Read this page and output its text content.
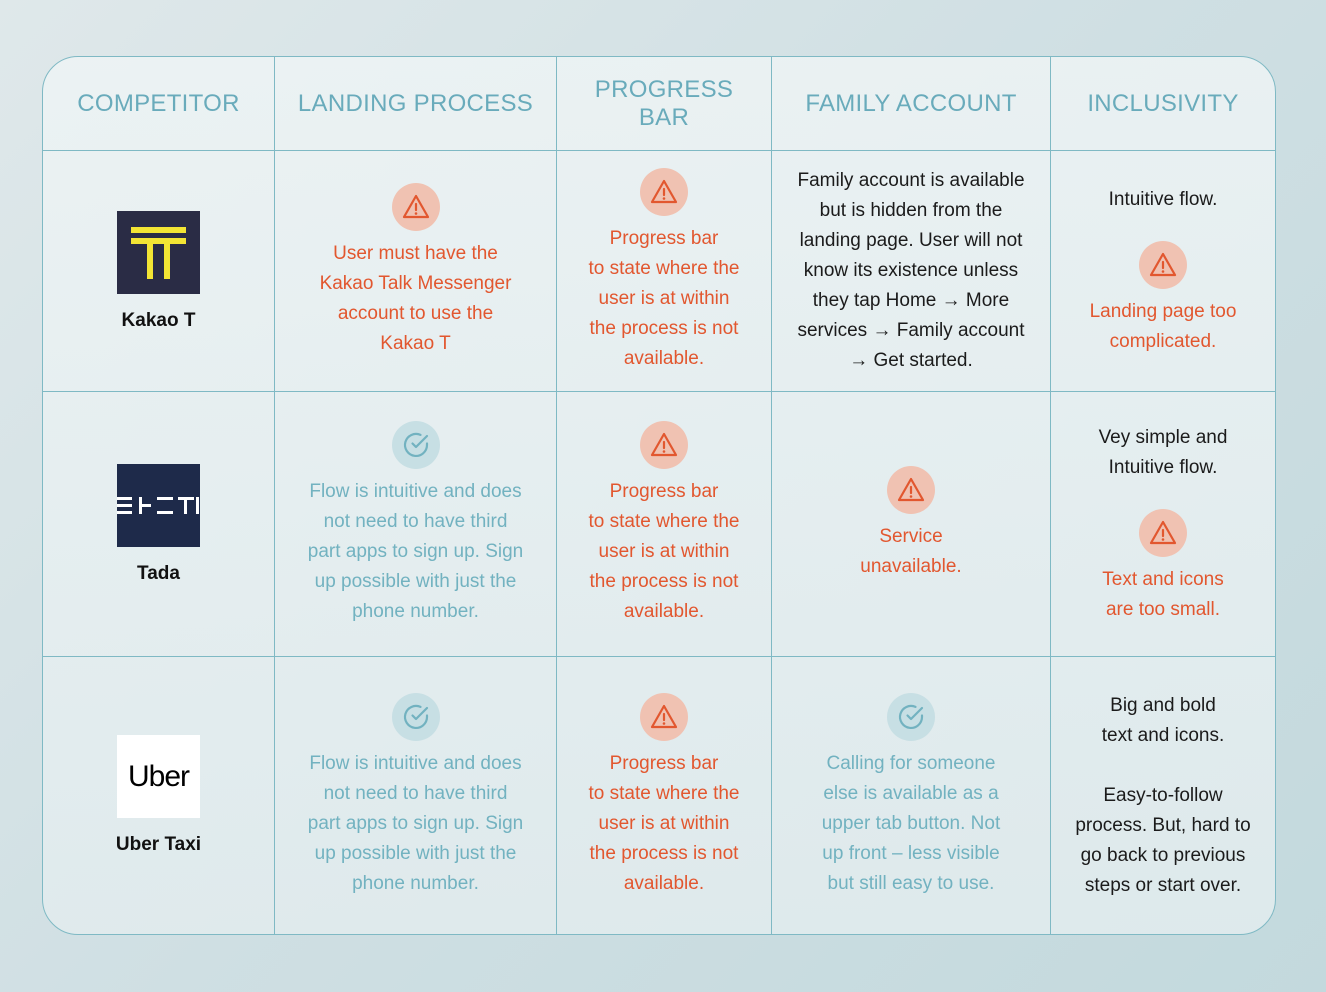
COMPETITOR	LANDING PROCESS
PROGRESS BAR
FAMILY ACCOUNT	INCLUSIVITY
Kakao T

User must have the
Kakao Talk Messenger
account to use the
Kakao T

Progress bar
to state where the
user is at within
the process is not
available.

Family account is available
but is hidden from the
landing page. User will not
know its existence unless
they tap Home → More
services → Family account
→ Get started.

Intuitive flow.

Landing page too
complicated.

Tada

Flow is intuitive and does
not need to have third
part apps to sign up. Sign
up possible with just the
phone number.

Progress bar
to state where the
user is at within
the process is not
available.

Service
unavailable.

Vey simple and
Intuitive flow.

Text and icons
are too small.

Uber
Uber Taxi

Flow is intuitive and does
not need to have third
part apps to sign up. Sign
up possible with just the
phone number.

Progress bar
to state where the
user is at within
the process is not
available.

Calling for someone
else is available as a
upper tab button. Not
up front – less visible
but still easy to use.

Big and bold
text and icons.

Easy-to-follow
process. But, hard to
go back to previous
steps or start over.
